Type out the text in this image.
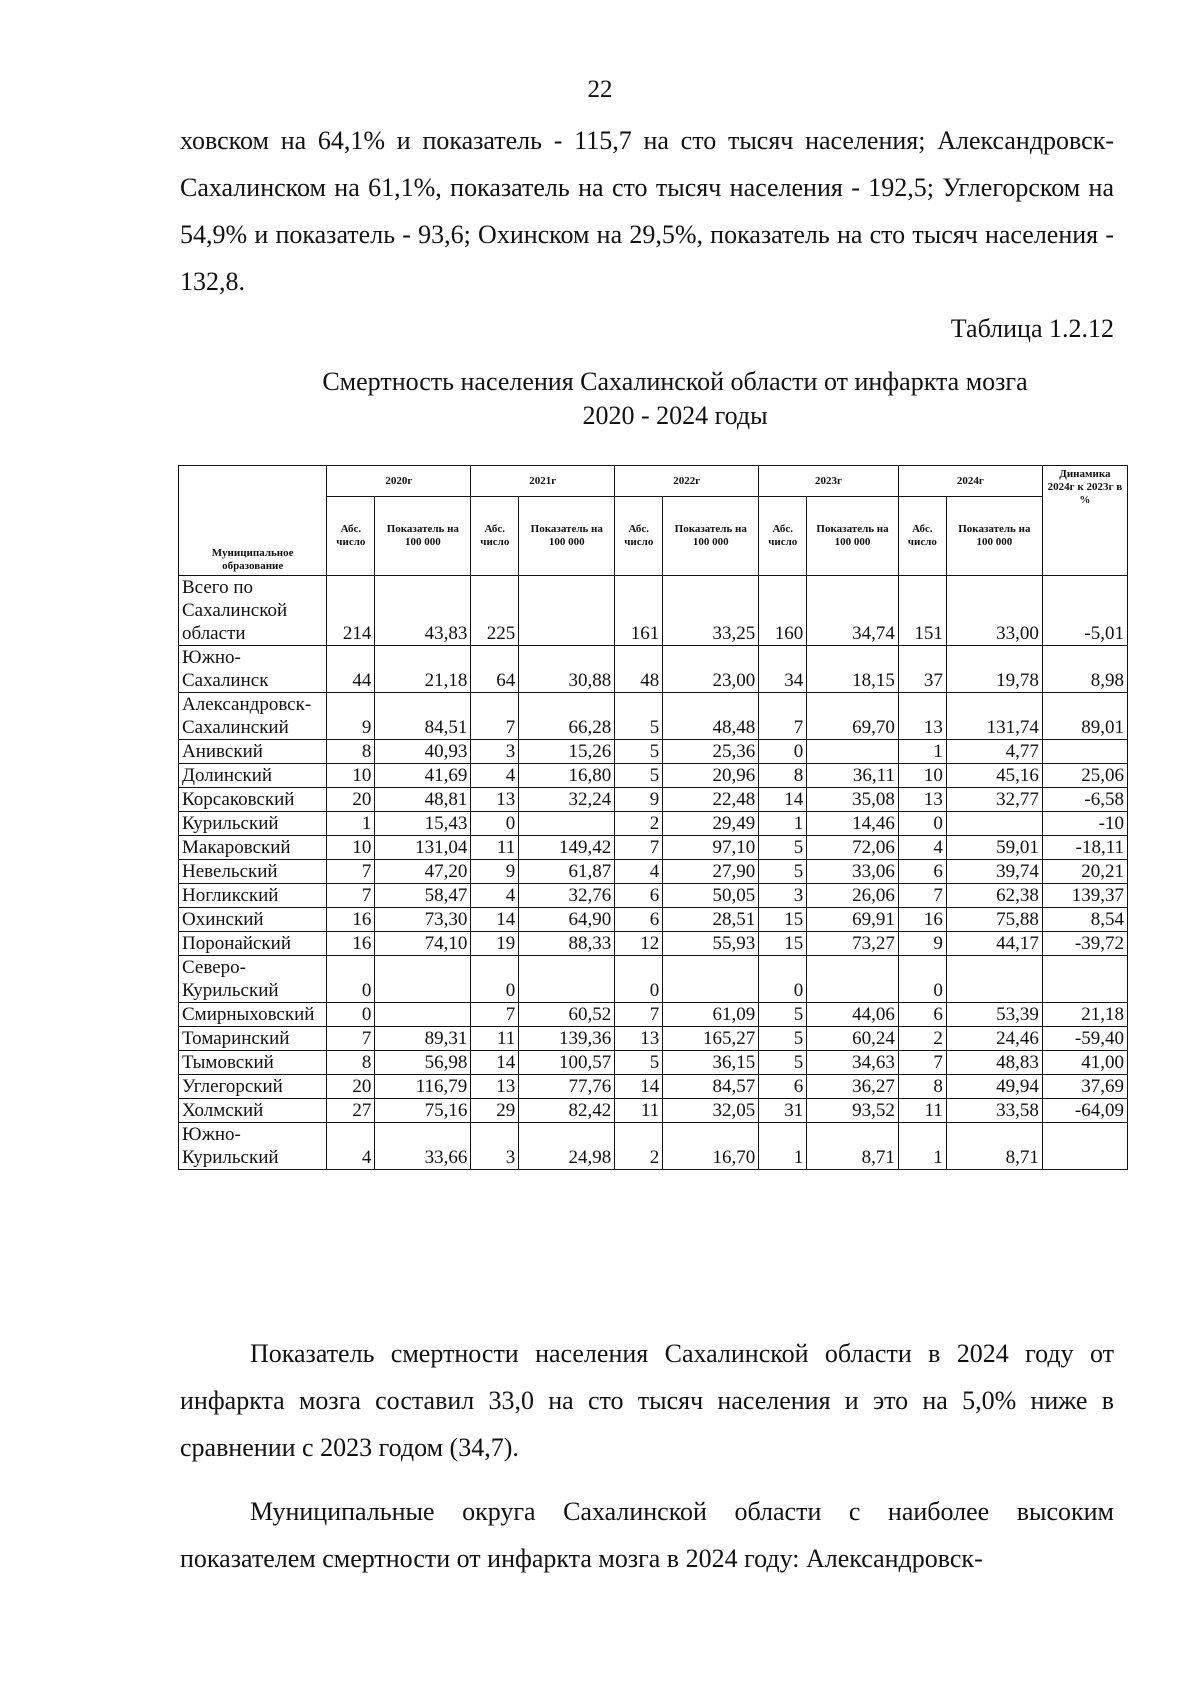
22

ховском на 64,1% и показатель - 115,7 на сто тысяч населения; Александровск-Сахалинском на 61,1%, показатель на сто тысяч населения - 192,5; Углегорском на 54,9% и показатель - 93,6; Охинском на 29,5%, показатель на сто тысяч населения - 132,8.

Таблица 1.2.12
Смертность населения Сахалинской области от инфаркта мозга
2020 - 2024 годы
Муниципальное образование	2020г		2021г		2022г		2023г		2024г		Динамика 2024г к 2023г в %
	Абс. число	Показатель на 100 000	Абс. число	Показатель на 100 000	Абс. число	Показатель на 100 000	Абс. число	Показатель на 100 000	Абс. число	Показатель на 100 000	
Всего по Сахалинской области	214	43,83	225		161	33,25	160	34,74	151	33,00	-5,01
Южно-Сахалинск	44	21,18	64	30,88	48	23,00	34	18,15	37	19,78	8,98
Александровск-Сахалинский	9	84,51	7	66,28	5	48,48	7	69,70	13	131,74	89,01
Анивский	8	40,93	3	15,26	5	25,36	0		1	4,77	
Долинский	10	41,69	4	16,80	5	20,96	8	36,11	10	45,16	25,06
Корсаковский	20	48,81	13	32,24	9	22,48	14	35,08	13	32,77	-6,58
Курильский	1	15,43	0		2	29,49	1	14,46	0		-10
Макаровский	10	131,04	11	149,42	7	97,10	5	72,06	4	59,01	-18,11
Невельский	7	47,20	9	61,87	4	27,90	5	33,06	6	39,74	20,21
Ногликский	7	58,47	4	32,76	6	50,05	3	26,06	7	62,38	139,37
Охинский	16	73,30	14	64,90	6	28,51	15	69,91	16	75,88	8,54
Поронайский	16	74,10	19	88,33	12	55,93	15	73,27	9	44,17	-39,72
Северо-Курильский	0		0		0		0		0		
Смирныховский	0		7	60,52	7	61,09	5	44,06	6	53,39	21,18
Томаринский	7	89,31	11	139,36	13	165,27	5	60,24	2	24,46	-59,40
Тымовский	8	56,98	14	100,57	5	36,15	5	34,63	7	48,83	41,00
Углегорский	20	116,79	13	77,76	14	84,57	6	36,27	8	49,94	37,69
Холмский	27	75,16	29	82,42	11	32,05	31	93,52	11	33,58	-64,09
Южно-Курильский	4	33,66	3	24,98	2	16,70	1	8,71	1	8,71	

Показатель смертности населения Сахалинской области в 2024 году от инфаркта мозга составил 33,0 на сто тысяч населения и это на 5,0% ниже в сравнении с 2023 годом (34,7).

Муниципальные округа Сахалинской области с наиболее высоким показателем смертности от инфаркта мозга в 2024 году: Александровск-
